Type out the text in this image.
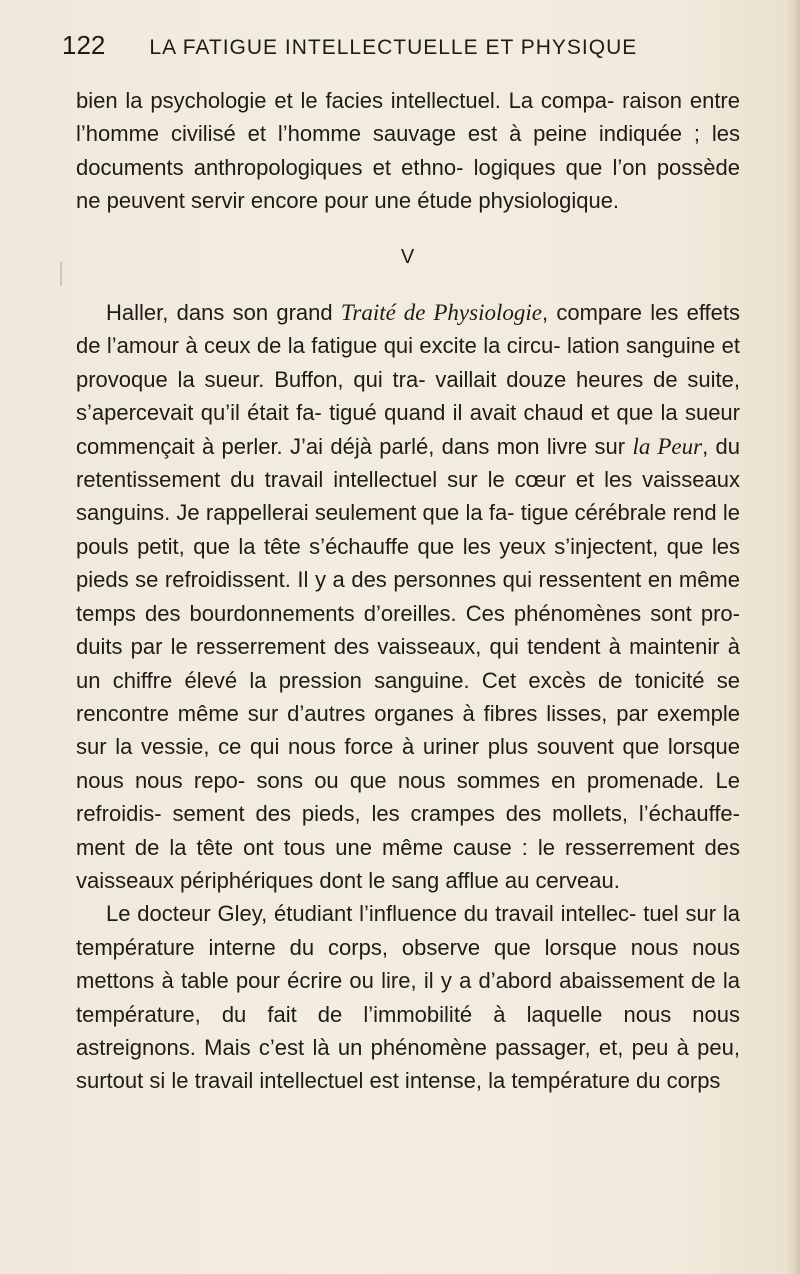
122 LA FATIGUE INTELLECTUELLE ET PHYSIQUE

bien la psychologie et le facies intellectuel. La compa- raison entre l’homme civilisé et l’homme sauvage est à peine indiquée ; les documents anthropologiques et ethno- logiques que l’on possède ne peuvent servir encore pour une étude physiologique.

V

Haller, dans son grand Traité de Physiologie, compare les effets de l’amour à ceux de la fatigue qui excite la circu- lation sanguine et provoque la sueur. Buffon, qui tra- vaillait douze heures de suite, s’apercevait qu’il était fa- tigué quand il avait chaud et que la sueur commençait à perler. J’ai déjà parlé, dans mon livre sur la Peur, du retentissement du travail intellectuel sur le cœur et les vaisseaux sanguins. Je rappellerai seulement que la fa- tigue cérébrale rend le pouls petit, que la tête s’échauffe que les yeux s’injectent, que les pieds se refroidissent. Il y a des personnes qui ressentent en même temps des bourdonnements d’oreilles. Ces phénomènes sont pro- duits par le resserrement des vaisseaux, qui tendent à maintenir à un chiffre élevé la pression sanguine. Cet excès de tonicité se rencontre même sur d’autres organes à fibres lisses, par exemple sur la vessie, ce qui nous force à uriner plus souvent que lorsque nous nous repo- sons ou que nous sommes en promenade. Le refroidis- sement des pieds, les crampes des mollets, l’échauffe- ment de la tête ont tous une même cause : le resserrement des vaisseaux périphériques dont le sang afflue au cerveau.

Le docteur Gley, étudiant l’influence du travail intellec- tuel sur la température interne du corps, observe que lorsque nous nous mettons à table pour écrire ou lire, il y a d’abord abaissement de la température, du fait de l’immobilité à laquelle nous nous astreignons. Mais c’est là un phénomène passager, et, peu à peu, surtout si le travail intellectuel est intense, la température du corps
